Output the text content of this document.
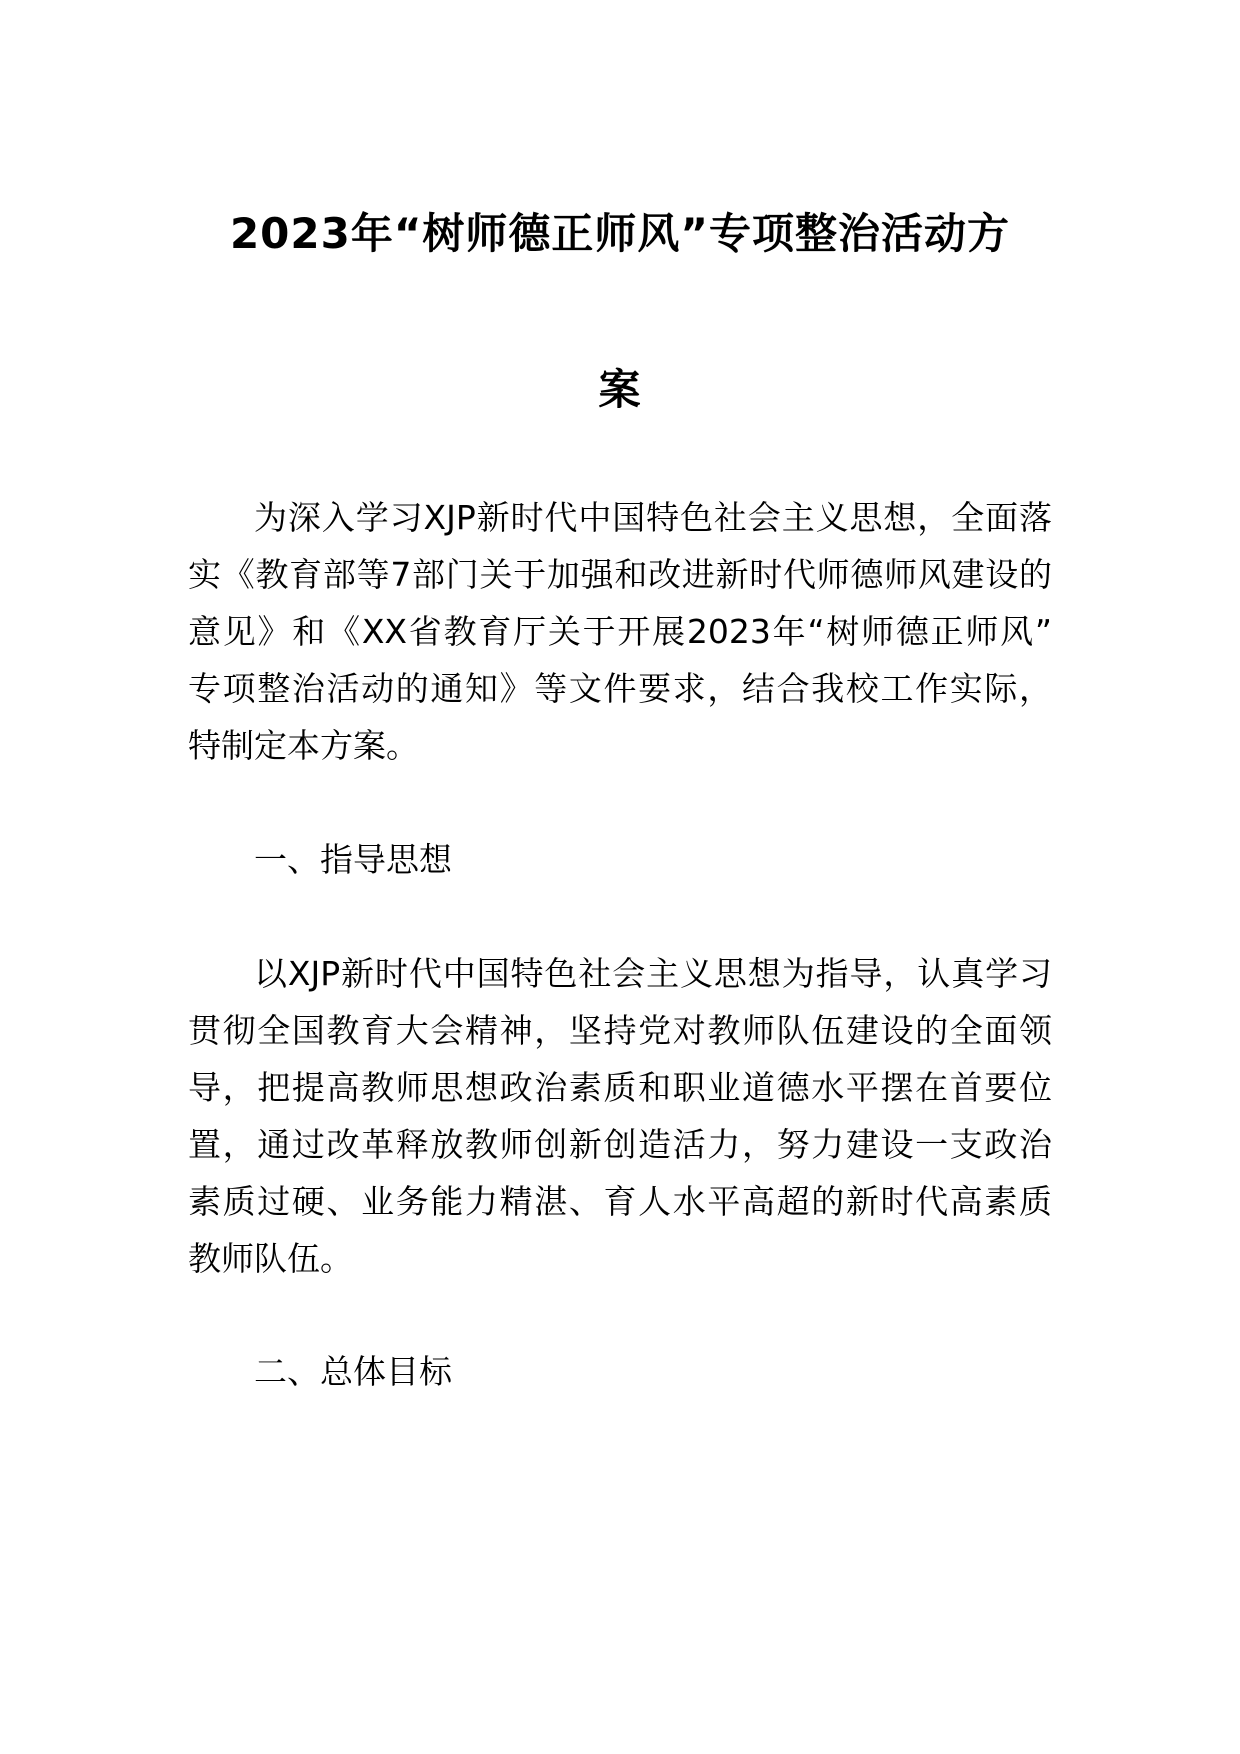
2023年“树师德正师风”专项整治活动方
案
为深入学习XJP新时代中国特色社会主义思想，全面落
实《教育部等7部门关于加强和改进新时代师德师风建设的
意见》和《XX省教育厅关于开展2023年“树师德正师风”
专项整治活动的通知》等文件要求，结合我校工作实际，
特制定本方案。
一、指导思想
以XJP新时代中国特色社会主义思想为指导，认真学习
贯彻全国教育大会精神，坚持党对教师队伍建设的全面领
导，把提高教师思想政治素质和职业道德水平摆在首要位
置，通过改革释放教师创新创造活力，努力建设一支政治
素质过硬、业务能力精湛、育人水平高超的新时代高素质
教师队伍。
二、总体目标
